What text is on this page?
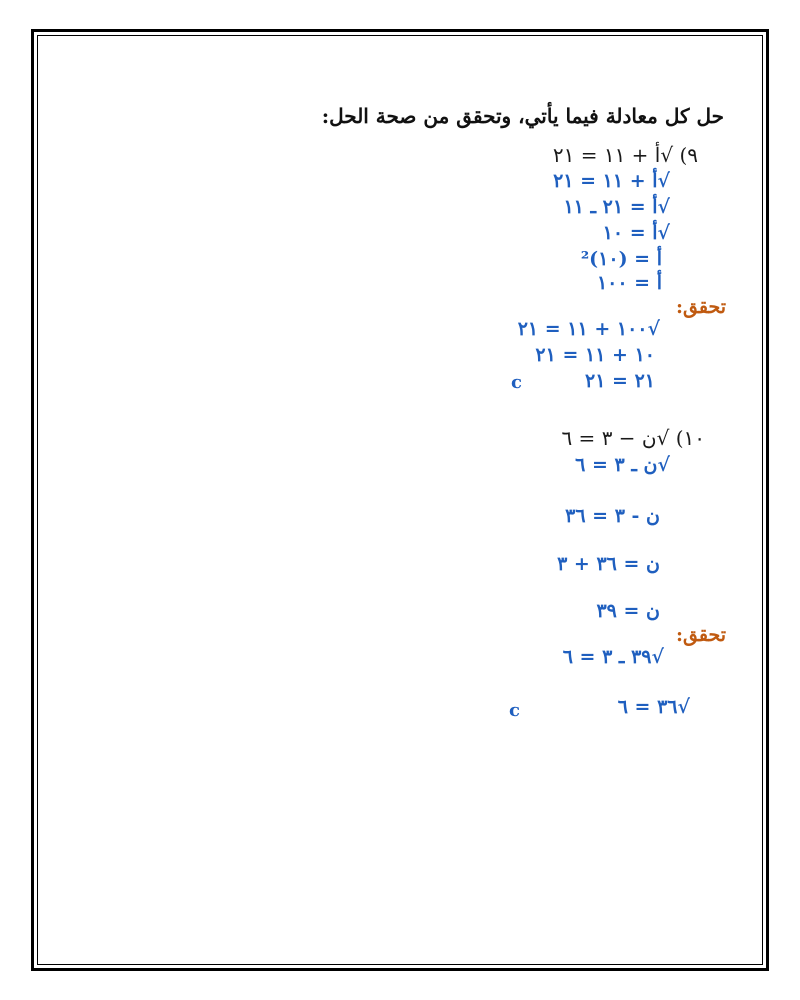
حل كل معادلة فيما يأتي، وتحقق من صحة الحل:
٩) √أ + ١١ = ٢١
√أ + ١١ = ٢١
√أ = ٢١ ـ ١١
√أ = ١٠
أ = (١٠)²
أ = ١٠٠
تحقق:
√١٠٠ + ١١ = ٢١
١٠ + ١١ = ٢١
٢١ = ٢١
c
١٠) √ن − ٣ = ٦
√ن ـ ٣ = ٦
ن - ٣ = ٣٦
ن = ٣٦ + ٣
ن = ٣٩
تحقق:
√٣٩ ـ ٣ = ٦
√٣٦ = ٦
c
